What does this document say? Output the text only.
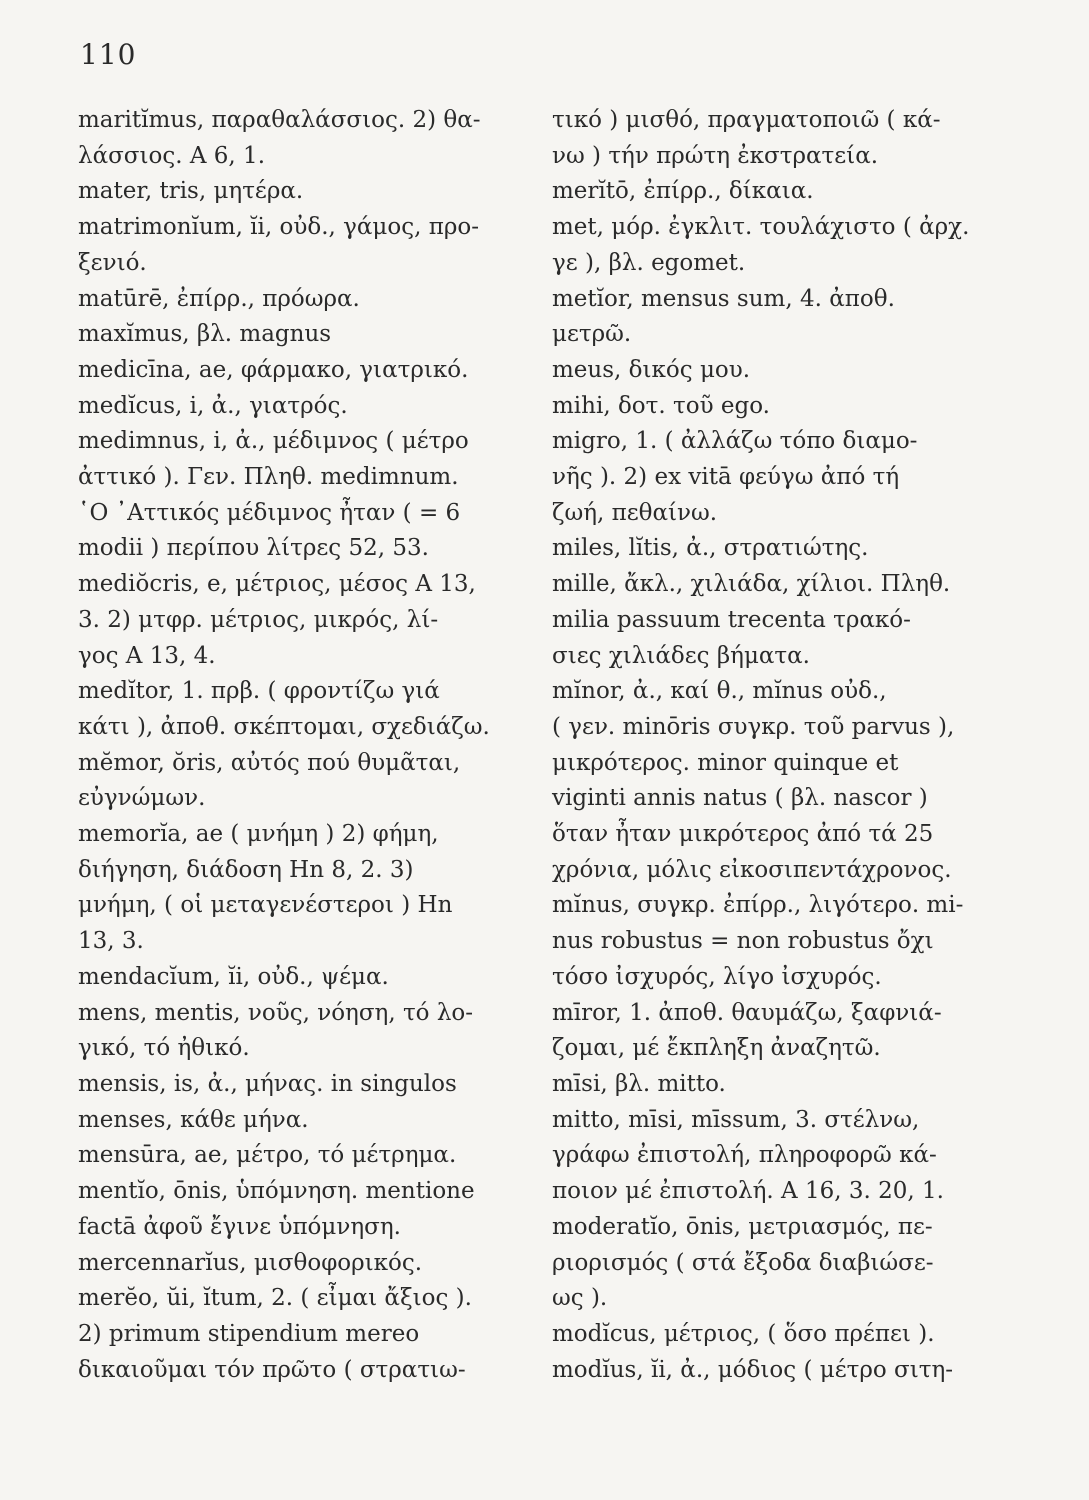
110
maritĭmus, παραθαλάσσιος. 2) θα-
λάσσιος. Α 6, 1.
mater, tris, μητέρα.
matrimonĭum, ĭi, οὐδ., γάμος, προ-
ξενιό.
matūrē, ἐπίρρ., πρόωρα.
maxĭmus, βλ. magnus
medicīna, ae, φάρμακο, γιατρικό.
medĭcus, i, ἀ., γιατρός.
medimnus, i, ἀ., μέδιμνος ( μέτρο
ἀττικό ). Γεν. Πληθ. medimnum.
῾Ο ᾿Αττικός μέδιμνος ἦταν ( = 6
modii ) περίπου λίτρες 52, 53.
mediŏcris, e, μέτριος, μέσος Α 13,
3. 2) μτφρ. μέτριος, μικρός, λί-
γος Α 13, 4.
medĭtor, 1. πρβ. ( φροντίζω γιά
κάτι ), ἀποθ. σκέπτομαι, σχεδιάζω.
mĕmor, ŏris, αὐτός πού θυμᾶται,
εὐγνώμων.
memorĭa, ae ( μνήμη ) 2) φήμη,
διήγηση, διάδοση Hn 8, 2. 3)
μνήμη, ( οἱ μεταγενέστεροι ) Hn
13, 3.
mendacĭum, ĭi, οὐδ., ψέμα.
mens, mentis, νοῦς, νόηση, τό λο-
γικό, τό ἠθικό.
mensis, is, ἀ., μήνας. in singulos
menses, κάθε μήνα.
mensūra, ae, μέτρο, τό μέτρημα.
mentĭo, ōnis, ὑπόμνηση. mentione
factā ἀφοῦ ἔγινε ὑπόμνηση.
mercennarĭus, μισθοφορικός.
merĕo, ŭi, ĭtum, 2. ( εἶμαι ἄξιος ).
2) primum stipendium mereo
δικαιοῦμαι τόν πρῶτο ( στρατιω-
τικό ) μισθό, πραγματοποιῶ ( κά-
νω ) τήν πρώτη ἐκστρατεία.
merĭtō, ἐπίρρ., δίκαια.
met, μόρ. ἐγκλιτ. τουλάχιστο ( ἀρχ.
γε ), βλ. egomet.
metĭor, mensus sum, 4. ἀποθ.
μετρῶ.
meus, δικός μου.
mihi, δοτ. τοῦ ego.
migro, 1. ( ἀλλάζω τόπο διαμο-
νῆς ). 2) ex vitā φεύγω ἀπό τή
ζωή, πεθαίνω.
miles, lĭtis, ἀ., στρατιώτης.
mille, ἄκλ., χιλιάδα, χίλιοι. Πληθ.
milia passuum trecenta τρακό-
σιες χιλιάδες βήματα.
mĭnor, ἀ., καί θ., mĭnus οὐδ.,
( γεν. minōris συγκρ. τοῦ parvus ),
μικρότερος. minor quinque et
viginti annis natus ( βλ. nascor )
ὅταν ἦταν μικρότερος ἀπό τά 25
χρόνια, μόλις εἰκοσιπεντάχρονος.
mĭnus, συγκρ. ἐπίρρ., λιγότερο. mi-
nus robustus = non robustus ὄχι
τόσο ἰσχυρός, λίγο ἰσχυρός.
mīror, 1. ἀποθ. θαυμάζω, ξαφνιά-
ζομαι, μέ ἔκπληξη ἀναζητῶ.
mīsi, βλ. mitto.
mitto, mīsi, mīssum, 3. στέλνω,
γράφω ἐπιστολή, πληροφορῶ κά-
ποιον μέ ἐπιστολή. Α 16, 3. 20, 1.
moderatĭo, ōnis, μετριασμός, πε-
ριορισμός ( στά ἔξοδα διαβιώσε-
ως ).
modĭcus, μέτριος, ( ὅσο πρέπει ).
modĭus, ĭi, ἀ., μόδιος ( μέτρο σιτη-
